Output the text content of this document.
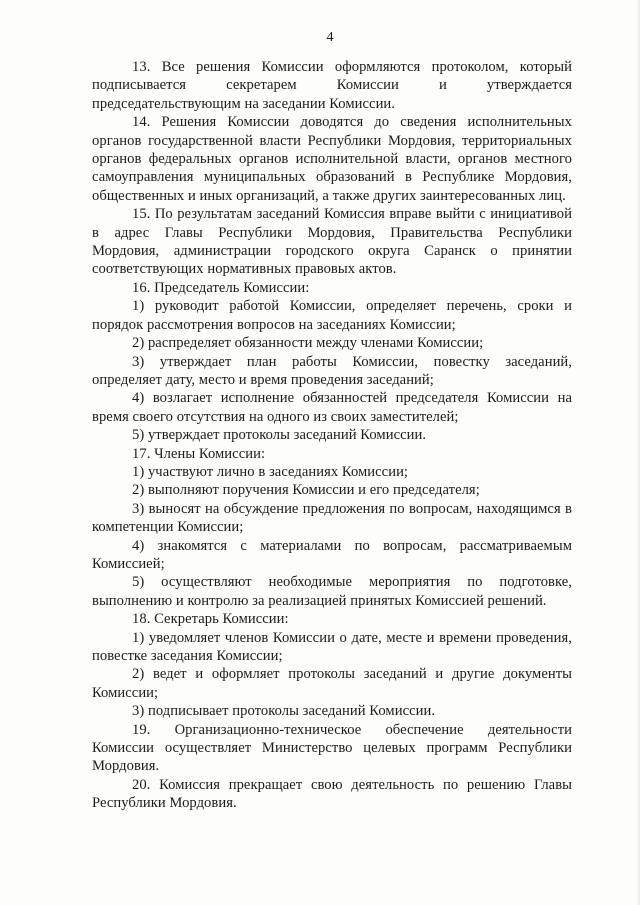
4

13. Все решения Комиссии оформляются протоколом, который подписывается секретарем Комиссии и утверждается председательствующим на заседании Комиссии.

14. Решения Комиссии доводятся до сведения исполнительных органов государственной власти Республики Мордовия, территориальных органов федеральных органов исполнительной власти, органов местного самоуправления муниципальных образований в Республике Мордовия, общественных и иных организаций, а также других заинтересованных лиц.

15. По результатам заседаний Комиссия вправе выйти с инициативой в адрес Главы Республики Мордовия, Правительства Республики Мордовия, администрации городского округа Саранск о принятии соответствующих нормативных правовых актов.

16. Председатель Комиссии:

1) руководит работой Комиссии, определяет перечень, сроки и порядок рассмотрения вопросов на заседаниях Комиссии;

2) распределяет обязанности между членами Комиссии;

3) утверждает план работы Комиссии, повестку заседаний, определяет дату, место и время проведения заседаний;

4) возлагает исполнение обязанностей председателя Комиссии на время своего отсутствия на одного из своих заместителей;

5) утверждает протоколы заседаний Комиссии.

17. Члены Комиссии:

1) участвуют лично в заседаниях Комиссии;

2) выполняют поручения Комиссии и его председателя;

3) выносят на обсуждение предложения по вопросам, находящимся в компетенции Комиссии;

4) знакомятся с материалами по вопросам, рассматриваемым Комиссией;

5) осуществляют необходимые мероприятия по подготовке, выполнению и контролю за реализацией принятых Комиссией решений.

18. Секретарь Комиссии:

1) уведомляет членов Комиссии о дате, месте и времени проведения, повестке заседания Комиссии;

2) ведет и оформляет протоколы заседаний и другие документы Комиссии;

3) подписывает протоколы заседаний Комиссии.

19. Организационно-техническое обеспечение деятельности Комиссии осуществляет Министерство целевых программ Республики Мордовия.

20. Комиссия прекращает свою деятельность по решению Главы Республики Мордовия.
